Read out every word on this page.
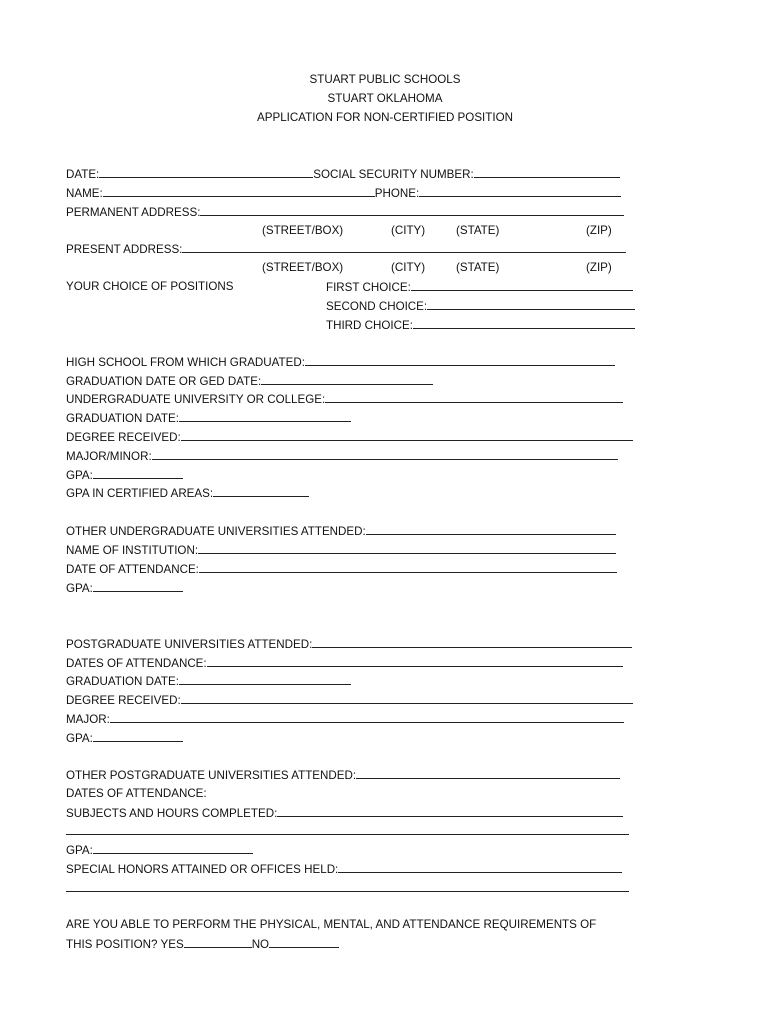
STUART PUBLIC SCHOOLS
STUART OKLAHOMA
APPLICATION FOR NON-CERTIFIED POSITION
DATE:	SOCIAL SECURITY NUMBER:
NAME:	PHONE:
PERMANENT ADDRESS:
(STREET/BOX)	(CITY)	(STATE)	(ZIP)
PRESENT ADDRESS:
(STREET/BOX)	(CITY)	(STATE)	(ZIP)
YOUR CHOICE OF POSITIONS	FIRST CHOICE:
SECOND CHOICE:
THIRD CHOICE:
HIGH SCHOOL FROM WHICH GRADUATED:
GRADUATION DATE OR GED DATE:
UNDERGRADUATE UNIVERSITY OR COLLEGE:
GRADUATION DATE:
DEGREE RECEIVED:
MAJOR/MINOR:
GPA:
GPA IN CERTIFIED AREAS:
OTHER UNDERGRADUATE UNIVERSITIES ATTENDED:
NAME OF INSTITUTION:
DATE OF ATTENDANCE:
GPA:
POSTGRADUATE UNIVERSITIES ATTENDED:
DATES OF ATTENDANCE:
GRADUATION DATE:
DEGREE RECEIVED:
MAJOR:
GPA:
OTHER POSTGRADUATE UNIVERSITIES ATTENDED:
DATES OF ATTENDANCE:
SUBJECTS AND HOURS COMPLETED:
GPA:
SPECIAL HONORS ATTAINED OR OFFICES HELD:
ARE YOU ABLE TO PERFORM THE PHYSICAL, MENTAL, AND ATTENDANCE REQUIREMENTS OF
THIS POSITION? YES	NO
